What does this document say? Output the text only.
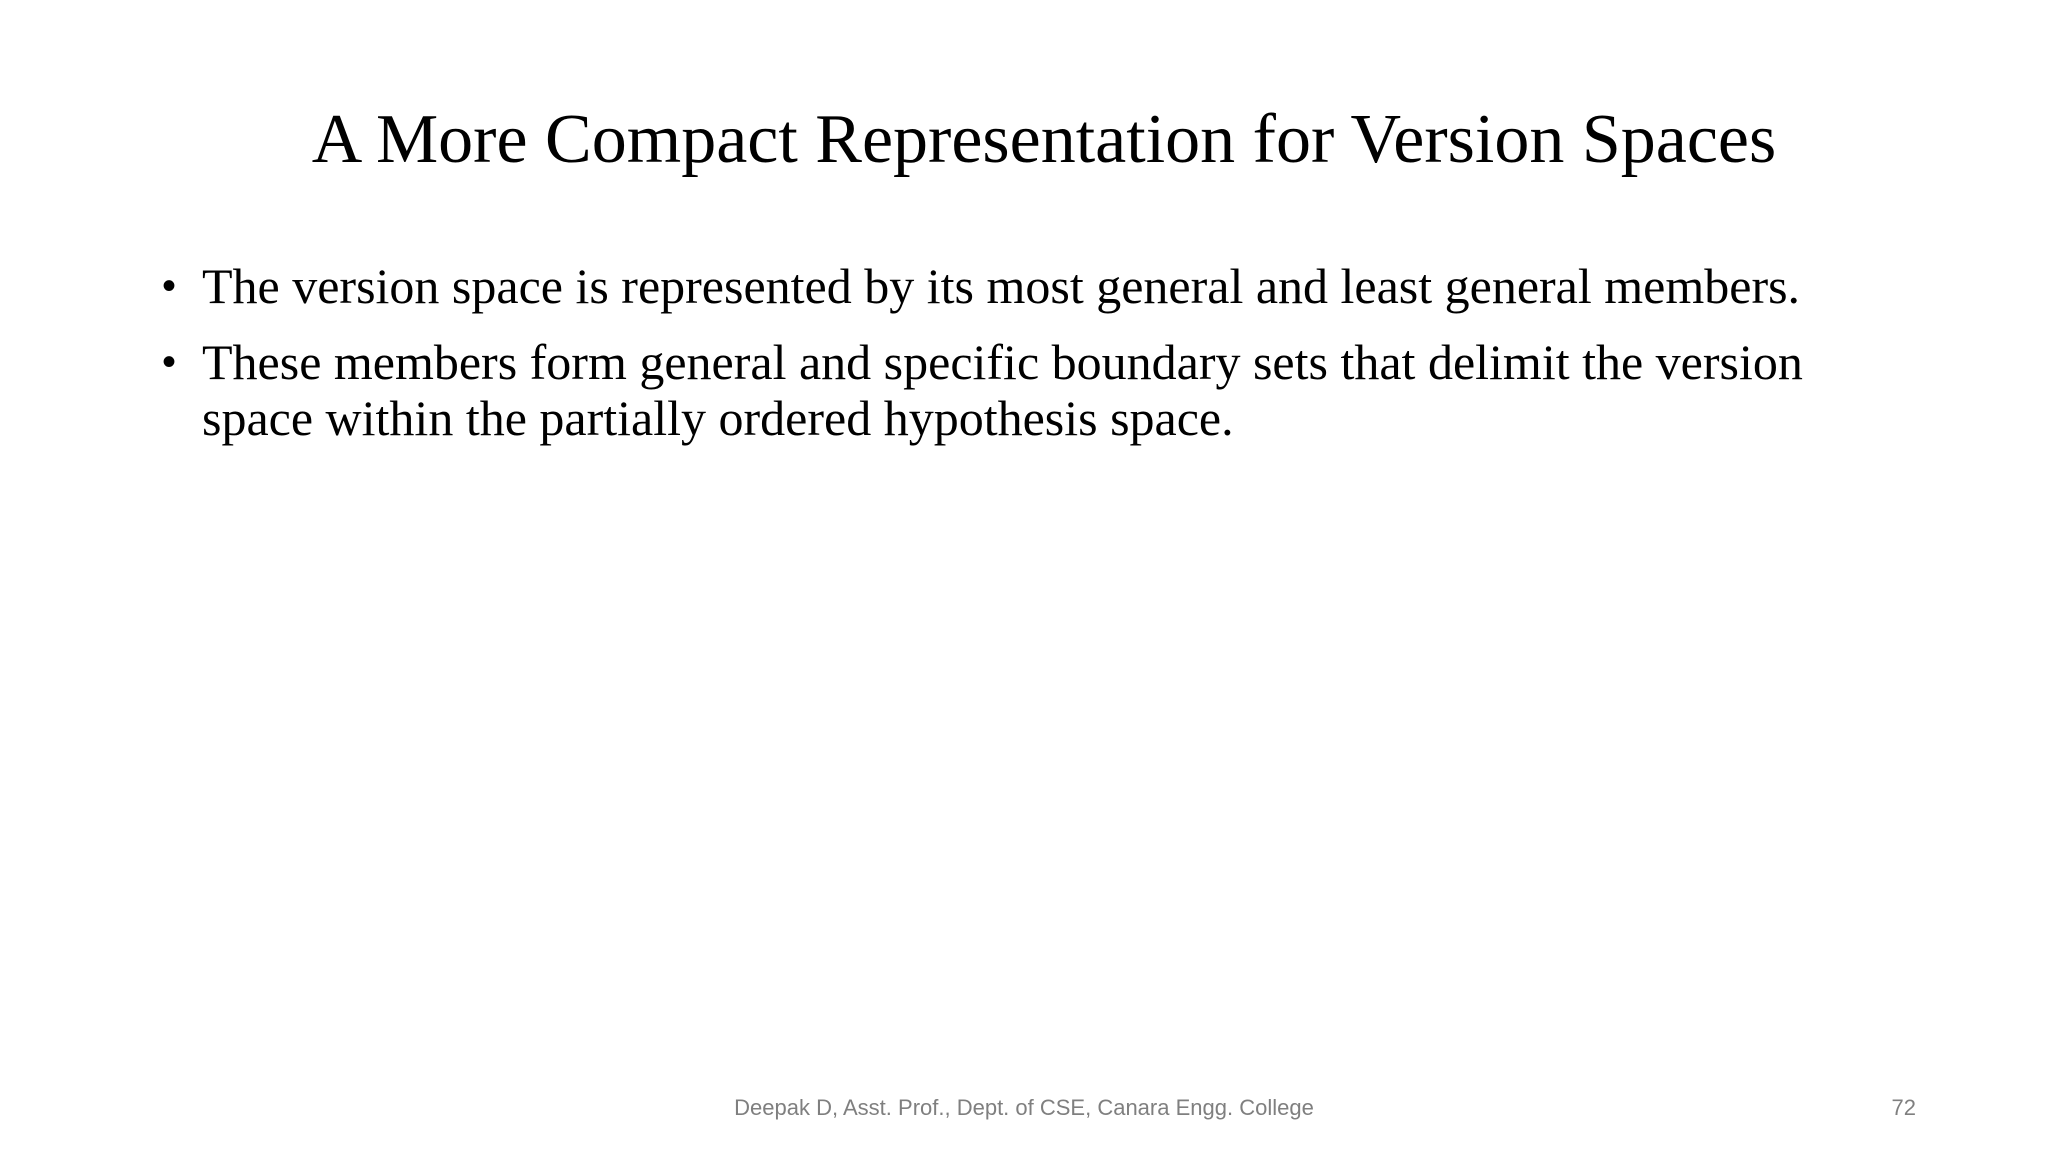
A More Compact Representation for Version Spaces
• The version space is represented by its most general and least general members.
• These members form general and specific boundary sets that delimit the version space within the partially ordered hypothesis space.
Deepak D, Asst. Prof., Dept. of CSE, Canara Engg. College	72
